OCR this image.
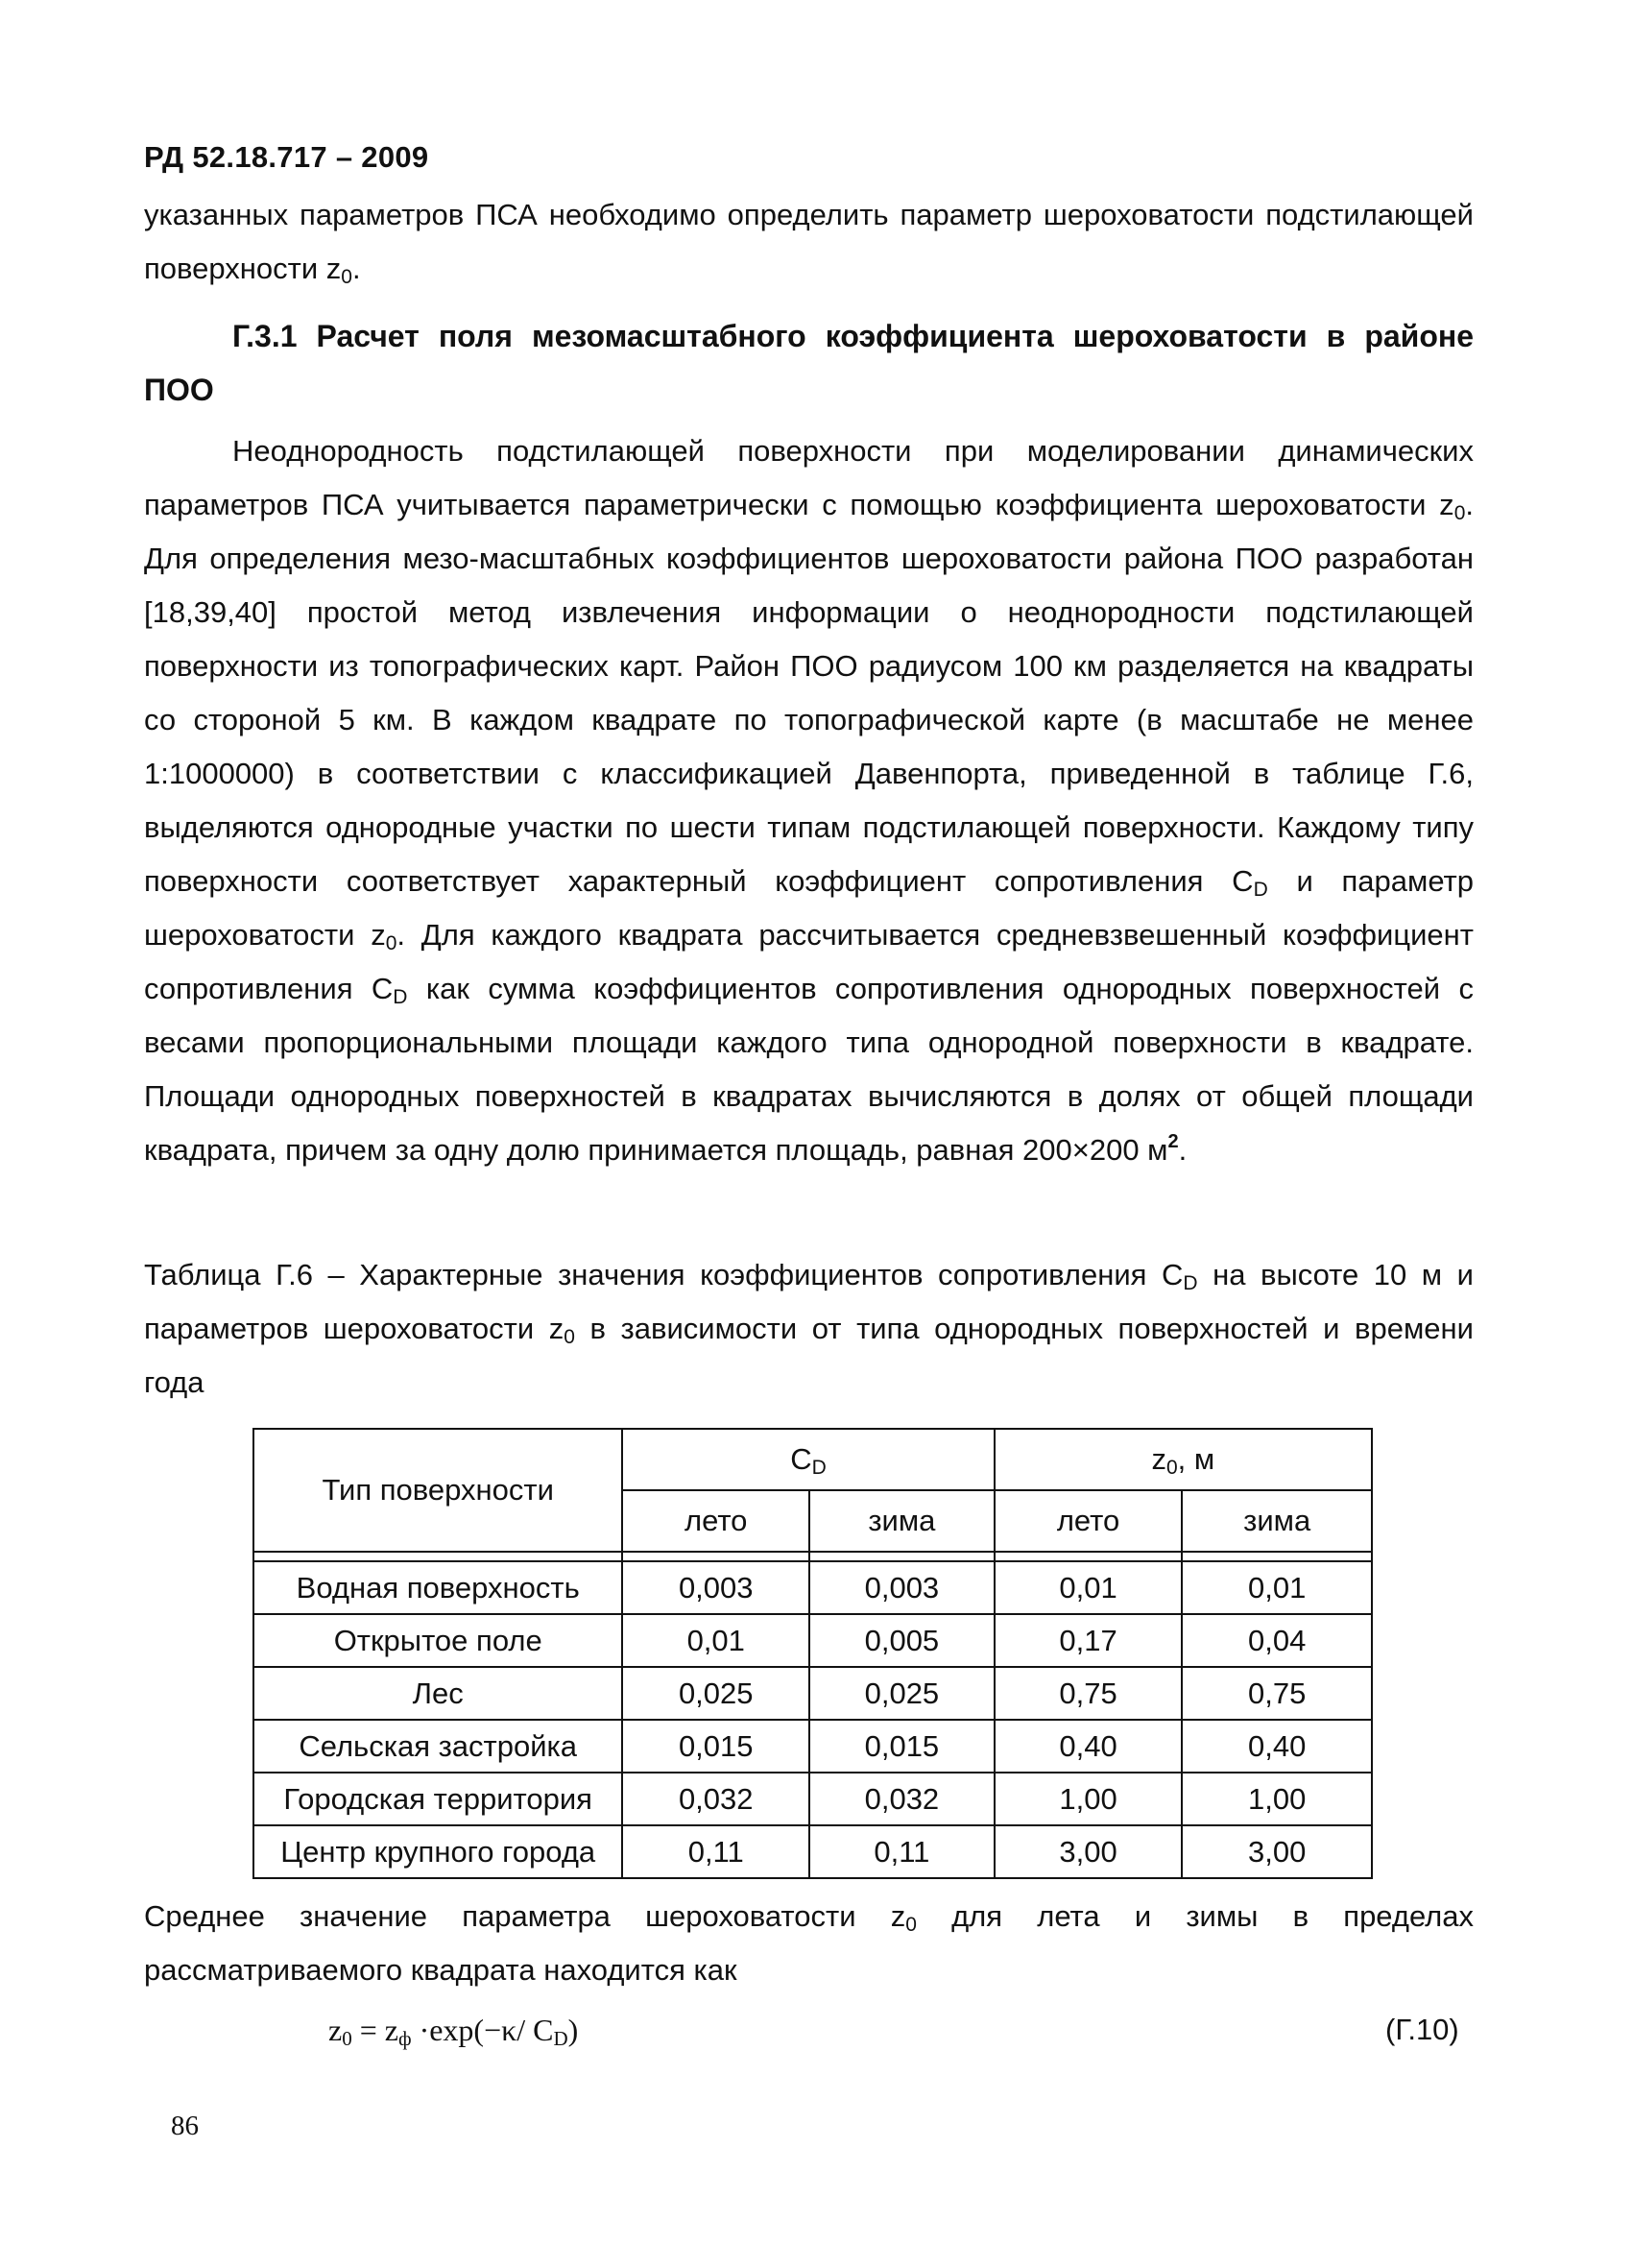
РД 52.18.717 – 2009

указанных параметров ПСА необходимо определить параметр шероховатости подстилающей поверхности $z_0$.

Г.3.1 Расчет поля мезомасштабного коэффициента шероховатости в районе ПОО

Неоднородность подстилающей поверхности при моделировании динамических параметров ПСА учитывается параметрически с помощью коэффициента шероховатости $z_0$. Для определения мезо-масштабных коэффициентов шероховатости района ПОО разработан [18,39,40] простой метод извлечения информации о неоднородности подстилающей поверхности из топографических карт. Район ПОО радиусом 100 км разделяется на квадраты со стороной 5 км. В каждом квадрате по топографической карте (в масштабе не менее 1:1000000) в соответствии с классификацией Давенпорта, приведенной в таблице Г.6, выделяются однородные участки по шести типам подстилающей поверхности. Каждому типу поверхности соответствует характерный коэффициент сопротивления $C_D$ и параметр шероховатости $z_0$. Для каждого квадрата рассчитывается средневзвешенный коэффициент сопротивления $C_D$ как сумма коэффициентов сопротивления однородных поверхностей с весами пропорциональными площади каждого типа однородной поверхности в квадрате. Площади однородных поверхностей в квадратах вычисляются в долях от общей площади квадрата, причем за одну долю принимается площадь, равная 200×200 $м^2$.

Таблица Г.6 – Характерные значения коэффициентов сопротивления $C_D$ на высоте 10 м и параметров шероховатости $z_0$ в зависимости от типа однородных поверхностей и времени года

Тип поверхности	$C_D$		$z_0$, м	
	лето	зима	лето	зима

Водная поверхность	0,003	0,003	0,01	0,01
Открытое поле	0,01	0,005	0,17	0,04
Лес	0,025	0,025	0,75	0,75
Сельская застройка	0,015	0,015	0,40	0,40
Городская территория	0,032	0,032	1,00	1,00
Центр крупного города	0,11	0,11	3,00	3,00

Среднее значение параметра шероховатости $z_0$ для лета и зимы в пределах рассматриваемого квадрата находится как

$z_0 = z_ф \cdot\exp(-\kappa/$ $C_D$)	(Г.10)
86
